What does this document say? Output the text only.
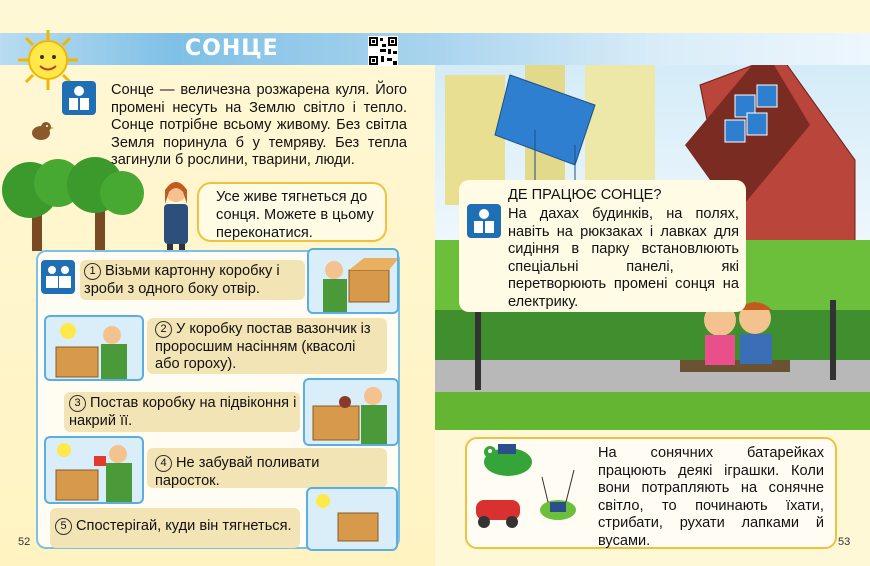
СОНЦЕ
Сонце — величезна розжарена куля. Його промені несуть на Землю світло і тепло. Сонце потрібне всьому живому. Без світла Земля поринула б у темряву. Без тепла загинули б рослини, тварини, люди.
Усе живе тягнеться до сонця. Можете в цьому переконатися.
1 Візьми картонну коробку і зроби з одного боку отвір.
2 У коробку постав вазончик із проросшим насінням (квасолі або гороху).
3 Постав коробку на підвіконня і накрий її.
4 Не забувай поливати паросток.
5 Спостерігай, куди він тягнеться.
52
ДЕ ПРАЦЮЄ СОНЦЕ?
На дахах будинків, на полях, навіть на рюкзаках і лавках для сидіння в парку встановлюють спеціальні панелі, які перетворюють промені сонця на електрику.
На сонячних батарейках працюють деякі іграшки. Коли вони потрапляють на сонячне світло, то починають їхати, стрибати, рухати лапками й вусами.	53
